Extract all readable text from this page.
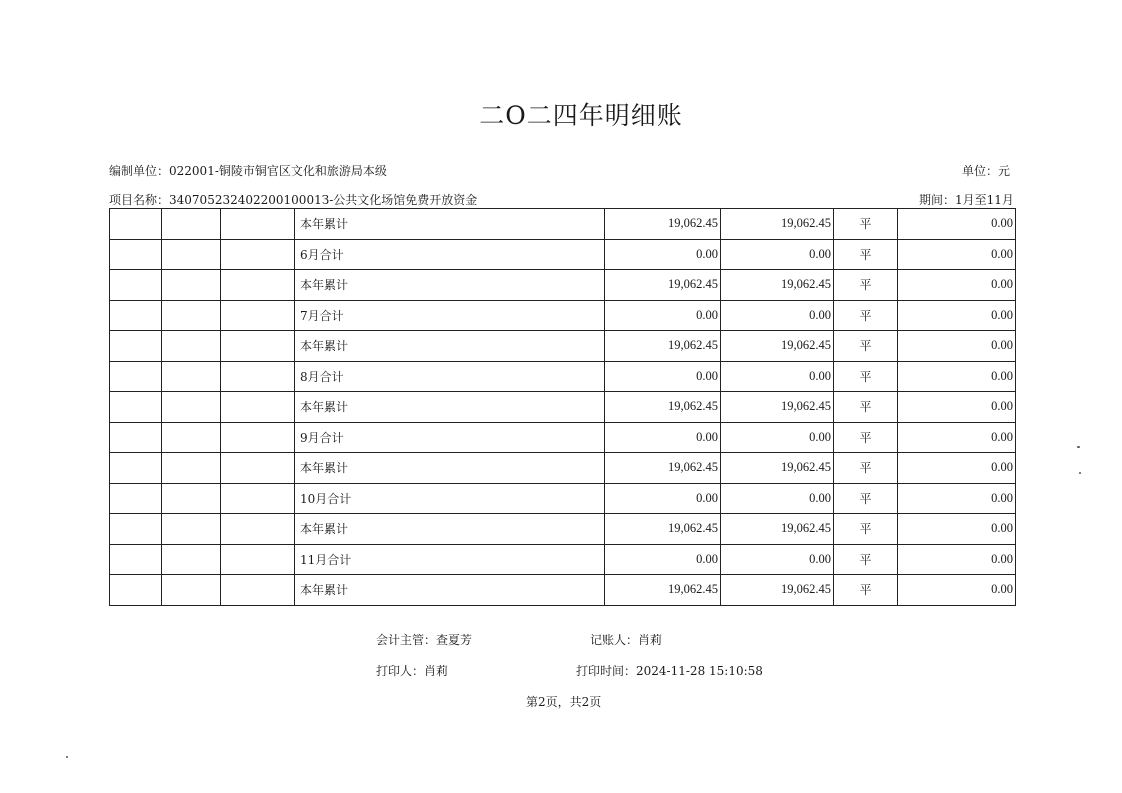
二O二四年明细账
编制单位：022001-铜陵市铜官区文化和旅游局本级	单位：元
项目名称：34070523240220010001З-公共文化场馆免费开放资金	期间：1月至11月
			本年累计	19,062.45	19,062.45	平	0.00
			6月合计	0.00	0.00	平	0.00
			本年累计	19,062.45	19,062.45	平	0.00
			7月合计	0.00	0.00	平	0.00
			本年累计	19,062.45	19,062.45	平	0.00
			8月合计	0.00	0.00	平	0.00
			本年累计	19,062.45	19,062.45	平	0.00
			9月合计	0.00	0.00	平	0.00
			本年累计	19,062.45	19,062.45	平	0.00
			10月合计	0.00	0.00	平	0.00
			本年累计	19,062.45	19,062.45	平	0.00
			11月合计	0.00	0.00	平	0.00
			本年累计	19,062.45	19,062.45	平	0.00
会计主管：查夏芳	记账人：肖莉
打印人：肖莉	打印时间：2024-11-28 15:10:58
第2页，共2页
